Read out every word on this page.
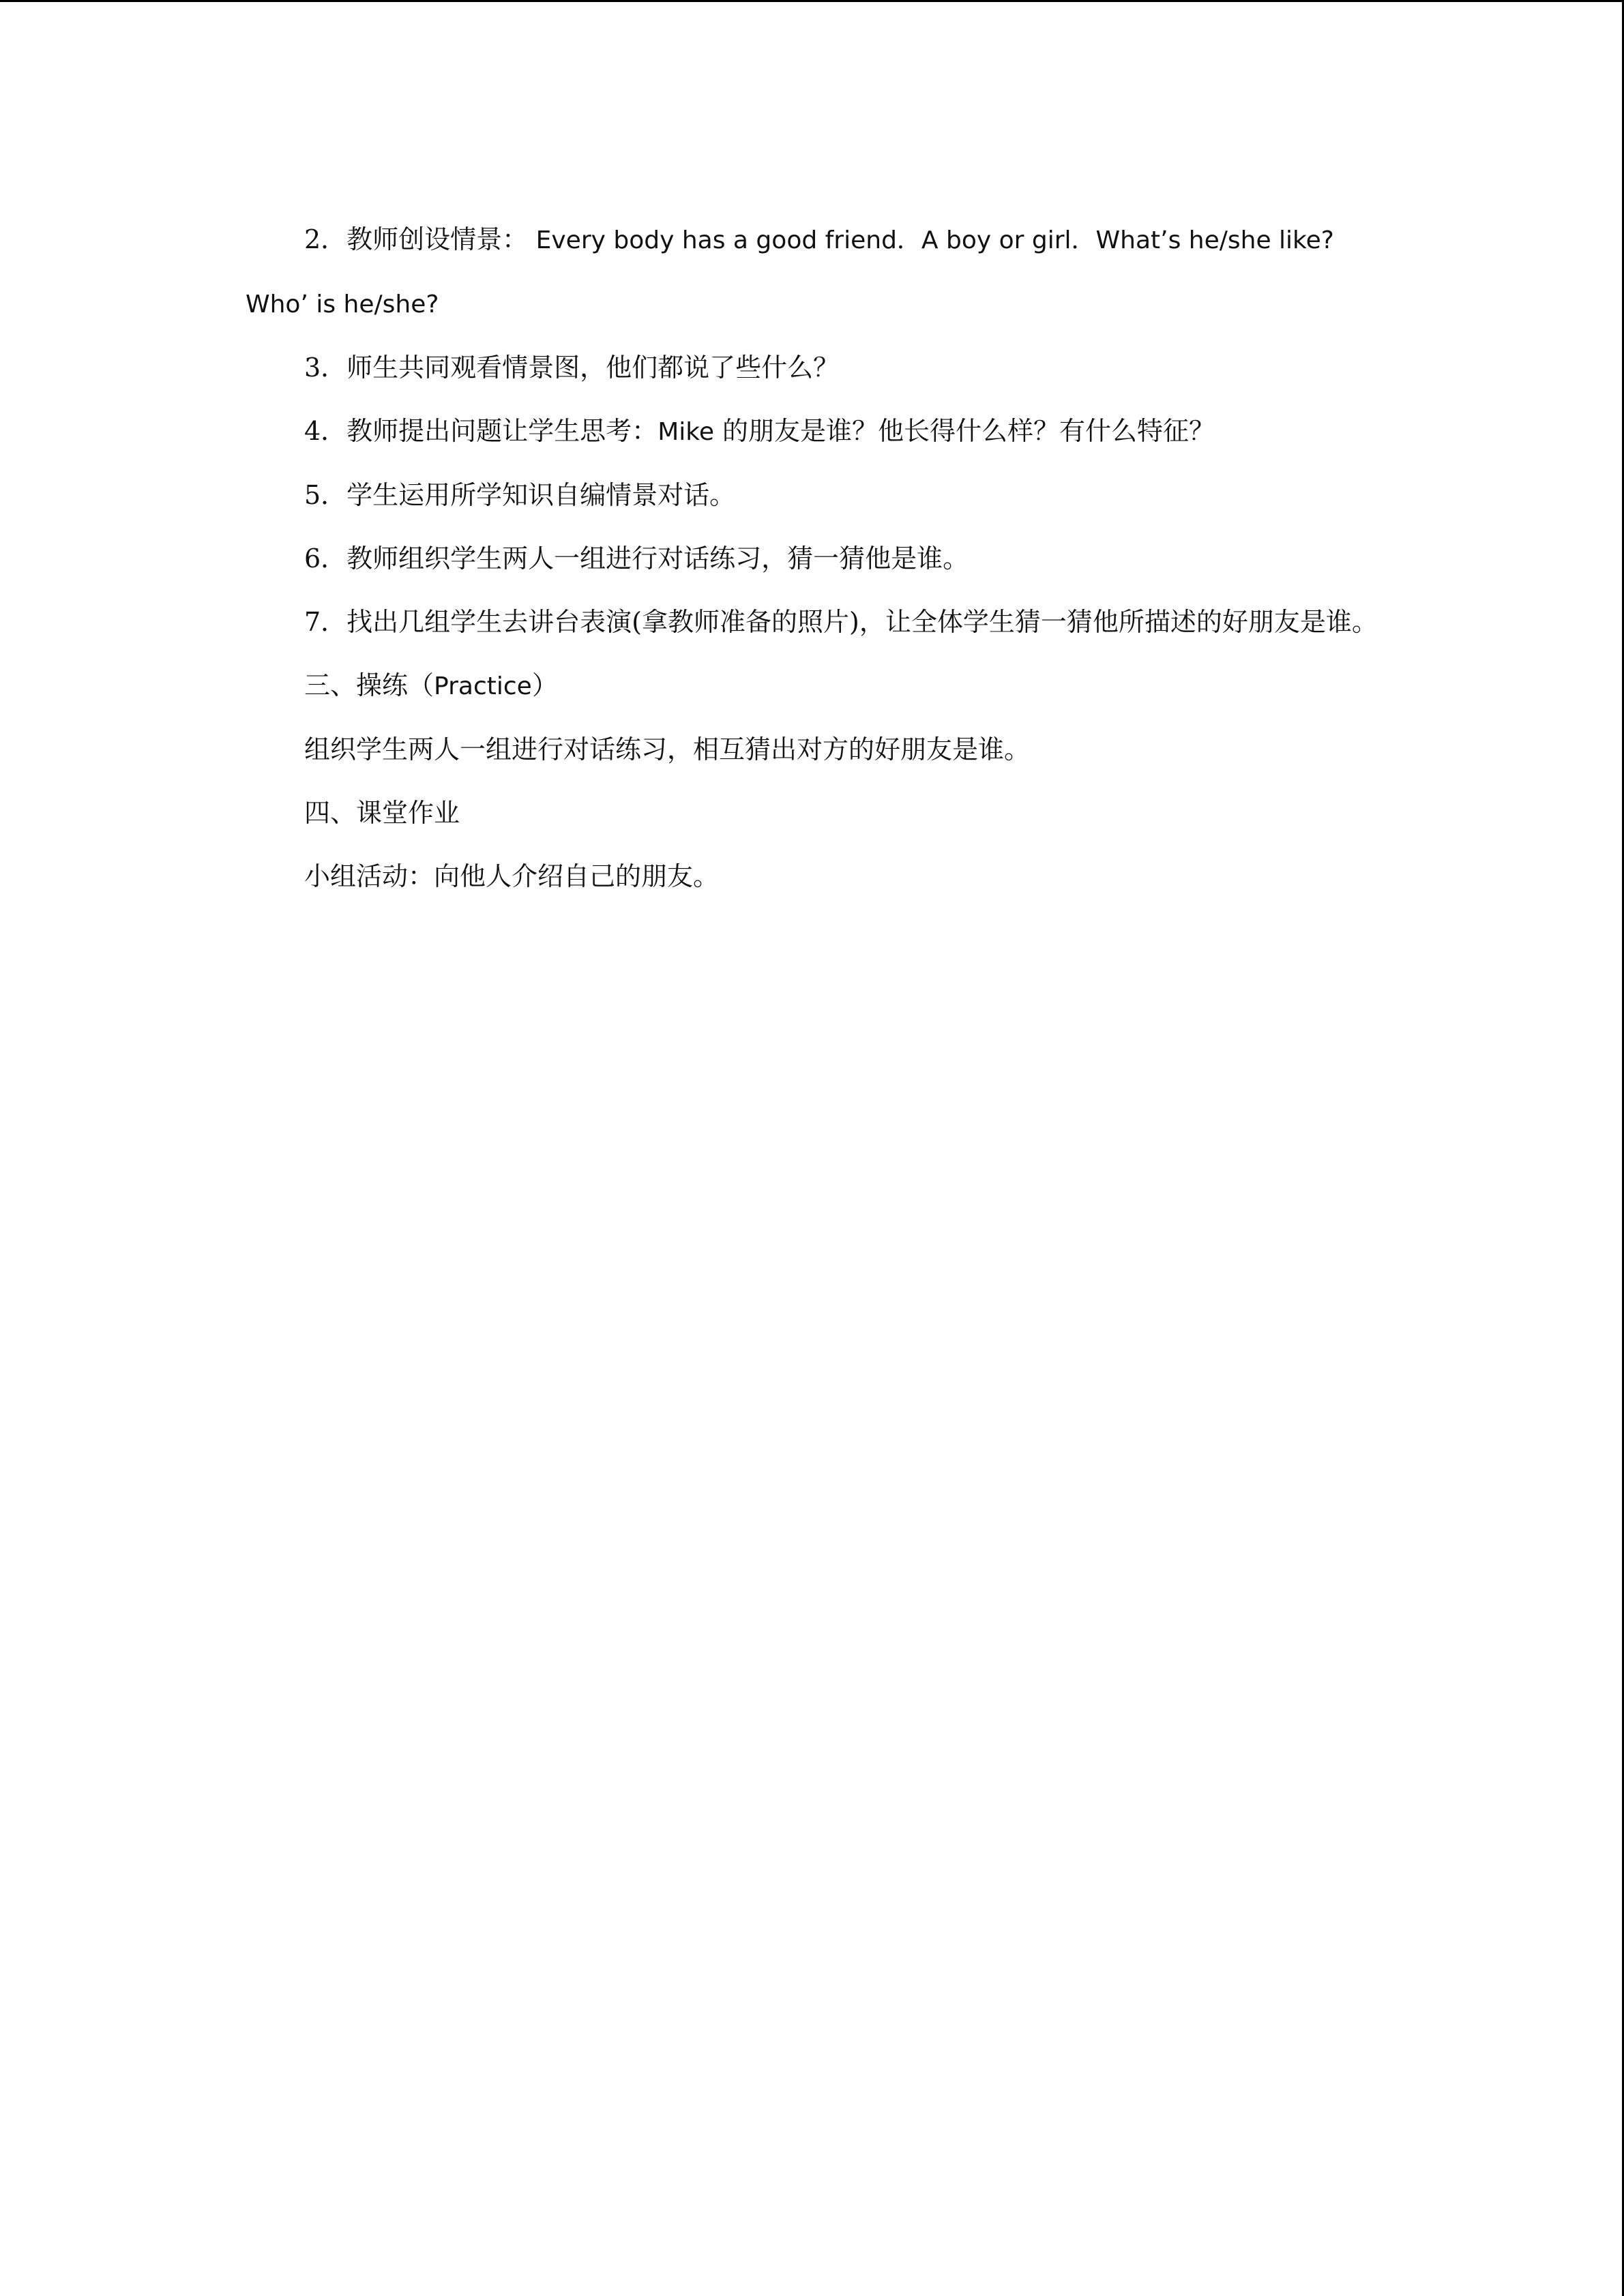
2．教师创设情景： Every body has a good friend．A boy or girl．What’s he/she like? Who’ is he/she?

3．师生共同观看情景图，他们都说了些什么？

4．教师提出问题让学生思考：Mike 的朋友是谁？他长得什么样？有什么特征？

5．学生运用所学知识自编情景对话。

6．教师组织学生两人一组进行对话练习，猜一猜他是谁。

7．找出几组学生去讲台表演(拿教师准备的照片)，让全体学生猜一猜他所描述的好朋友是谁。

三、操练（Practice）

组织学生两人一组进行对话练习，相互猜出对方的好朋友是谁。

四、课堂作业

小组活动：向他人介绍自己的朋友。
